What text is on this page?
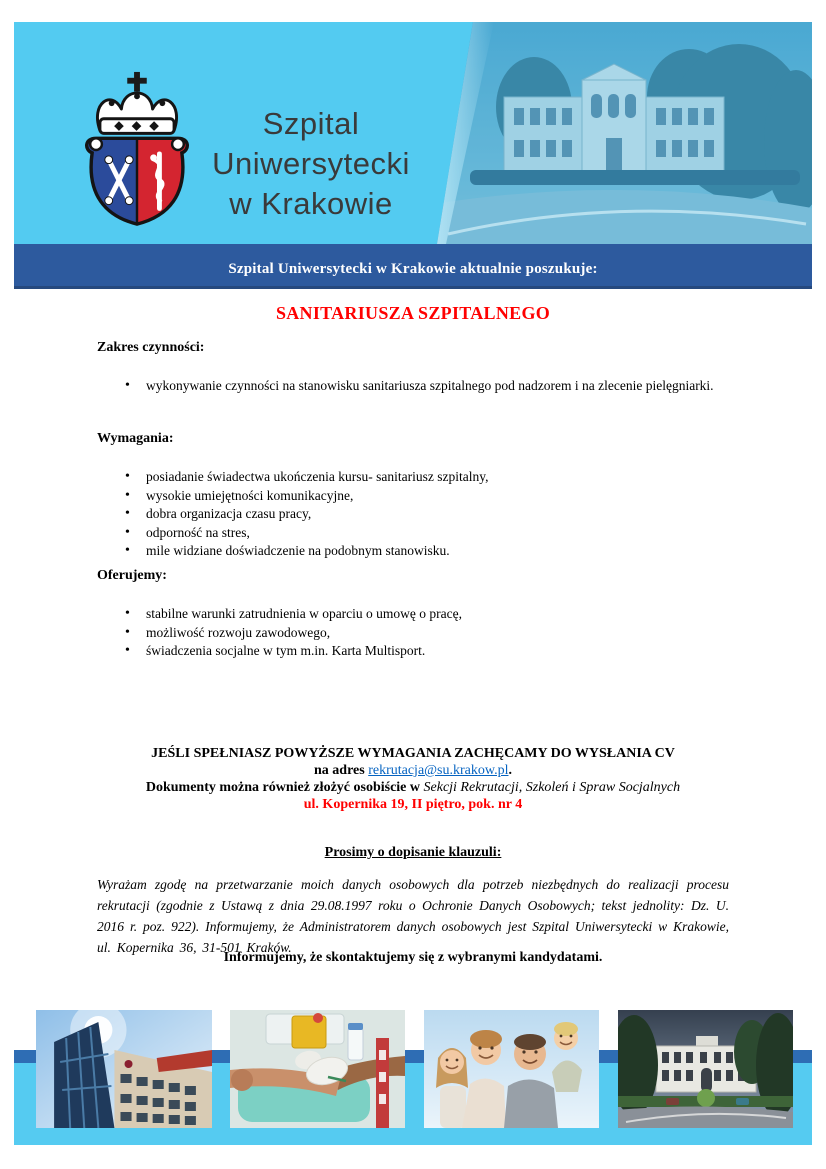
Szpital
Uniwersytecki
w Krakowie
Szpital Uniwersytecki w Krakowie aktualnie poszukuje:
SANITARIUSZA SZPITALNEGO
Zakres czynności:
• wykonywanie czynności na stanowisku sanitariusza szpitalnego pod nadzorem i na zlecenie pielęgniarki.
Wymagania:
• posiadanie świadectwa ukończenia kursu- sanitariusz szpitalny,
• wysokie umiejętności komunikacyjne,
• dobra organizacja czasu pracy,
• odporność na stres,
• mile widziane doświadczenie na podobnym stanowisku.
Oferujemy:
• stabilne warunki zatrudnienia w oparciu o umowę o pracę,
• możliwość rozwoju zawodowego,
• świadczenia socjalne w tym m.in. Karta Multisport.
JEŚLI SPEŁNIASZ POWYŻSZE WYMAGANIA ZACHĘCAMY DO WYSŁANIA CV
na adres rekrutacja@su.krakow.pl.
Dokumenty można również złożyć osobiście w Sekcji Rekrutacji, Szkoleń i Spraw Socjalnych
ul. Kopernika 19, II piętro, pok. nr 4
Prosimy o dopisanie klauzuli:
Wyrażam zgodę na przetwarzanie moich danych osobowych dla potrzeb niezbędnych do realizacji procesu rekrutacji (zgodnie z Ustawą z dnia 29.08.1997 roku o Ochronie Danych Osobowych; tekst jednolity: Dz. U. 2016 r. poz. 922). Informujemy, że Administratorem danych osobowych jest Szpital Uniwersytecki w Krakowie, ul. Kopernika 36, 31-501 Kraków.
Informujemy, że skontaktujemy się z wybranymi kandydatami.
